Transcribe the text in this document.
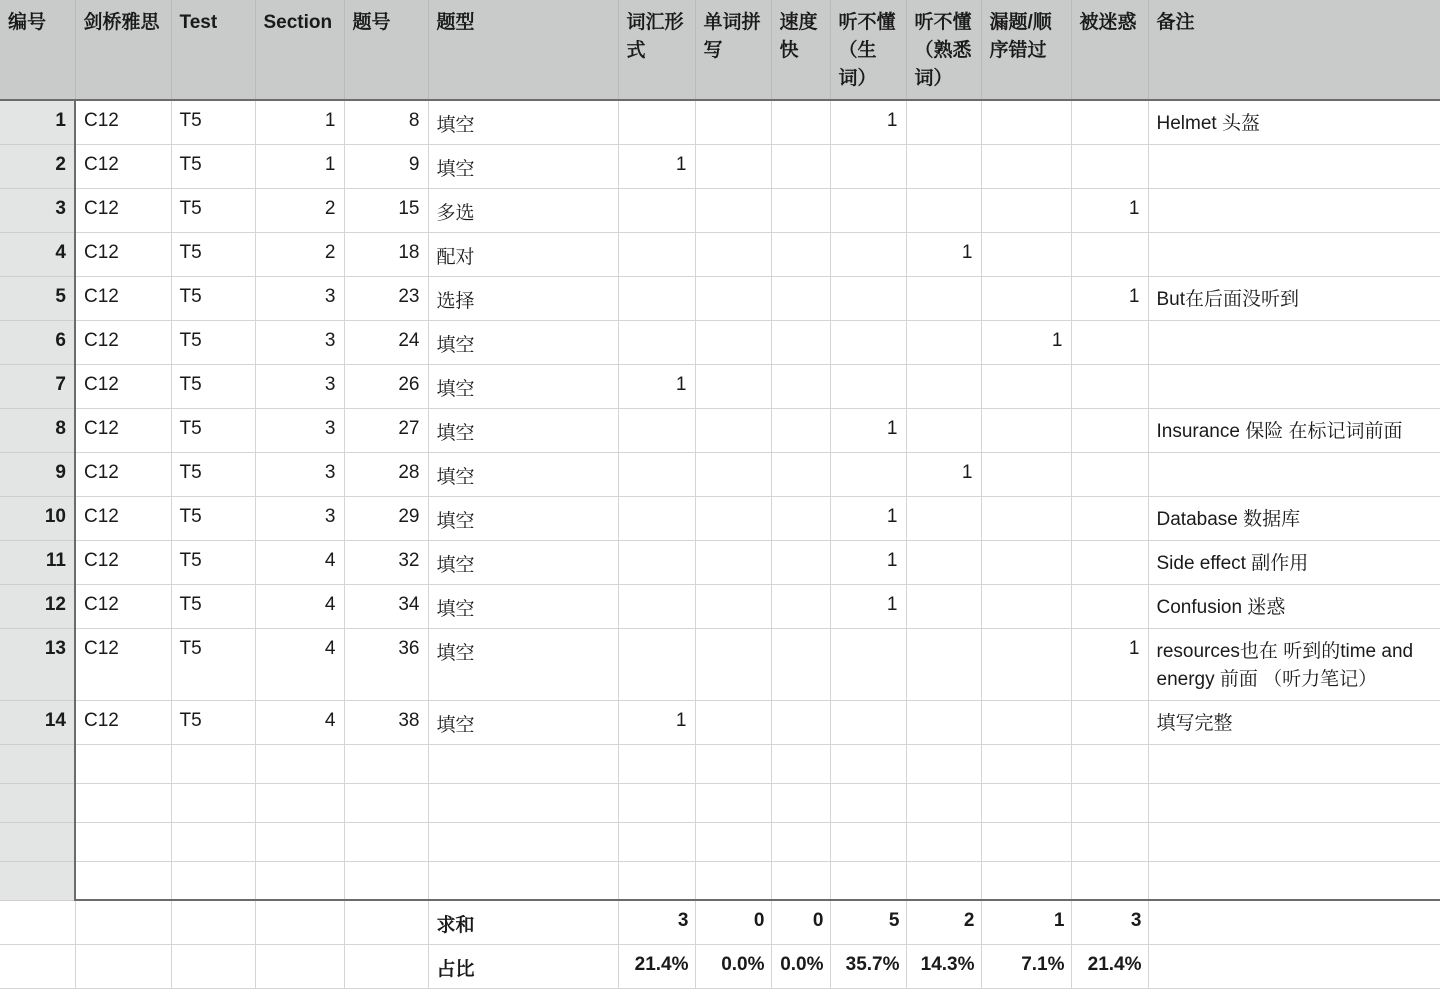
编号	剑桥雅思	Test	Section	题号	题型	词汇形式	单词拼写	速度快	听不懂（生词）	听不懂（熟悉词）	漏题/顺序错过	被迷惑	备注
1	C12	T5	1	8	填空				1				Helmet 头盔
2	C12	T5	1	9	填空	1							
3	C12	T5	2	15	多选							1	
4	C12	T5	2	18	配对					1			
5	C12	T5	3	23	选择							1	But在后面没听到
6	C12	T5	3	24	填空						1		
7	C12	T5	3	26	填空	1							
8	C12	T5	3	27	填空				1				Insurance 保险 在标记词前面
9	C12	T5	3	28	填空					1			
10	C12	T5	3	29	填空				1				Database 数据库
11	C12	T5	4	32	填空				1				Side effect 副作用
12	C12	T5	4	34	填空				1				Confusion 迷惑
13	C12	T5	4	36	填空							1	resources也在 听到的time and energy 前面 （听力笔记）
14	C12	T5	4	38	填空	1							填写完整

					求和	3	0	0	5	2	1	3	
					占比	21.4%	0.0%	0.0%	35.7%	14.3%	7.1%	21.4%	
